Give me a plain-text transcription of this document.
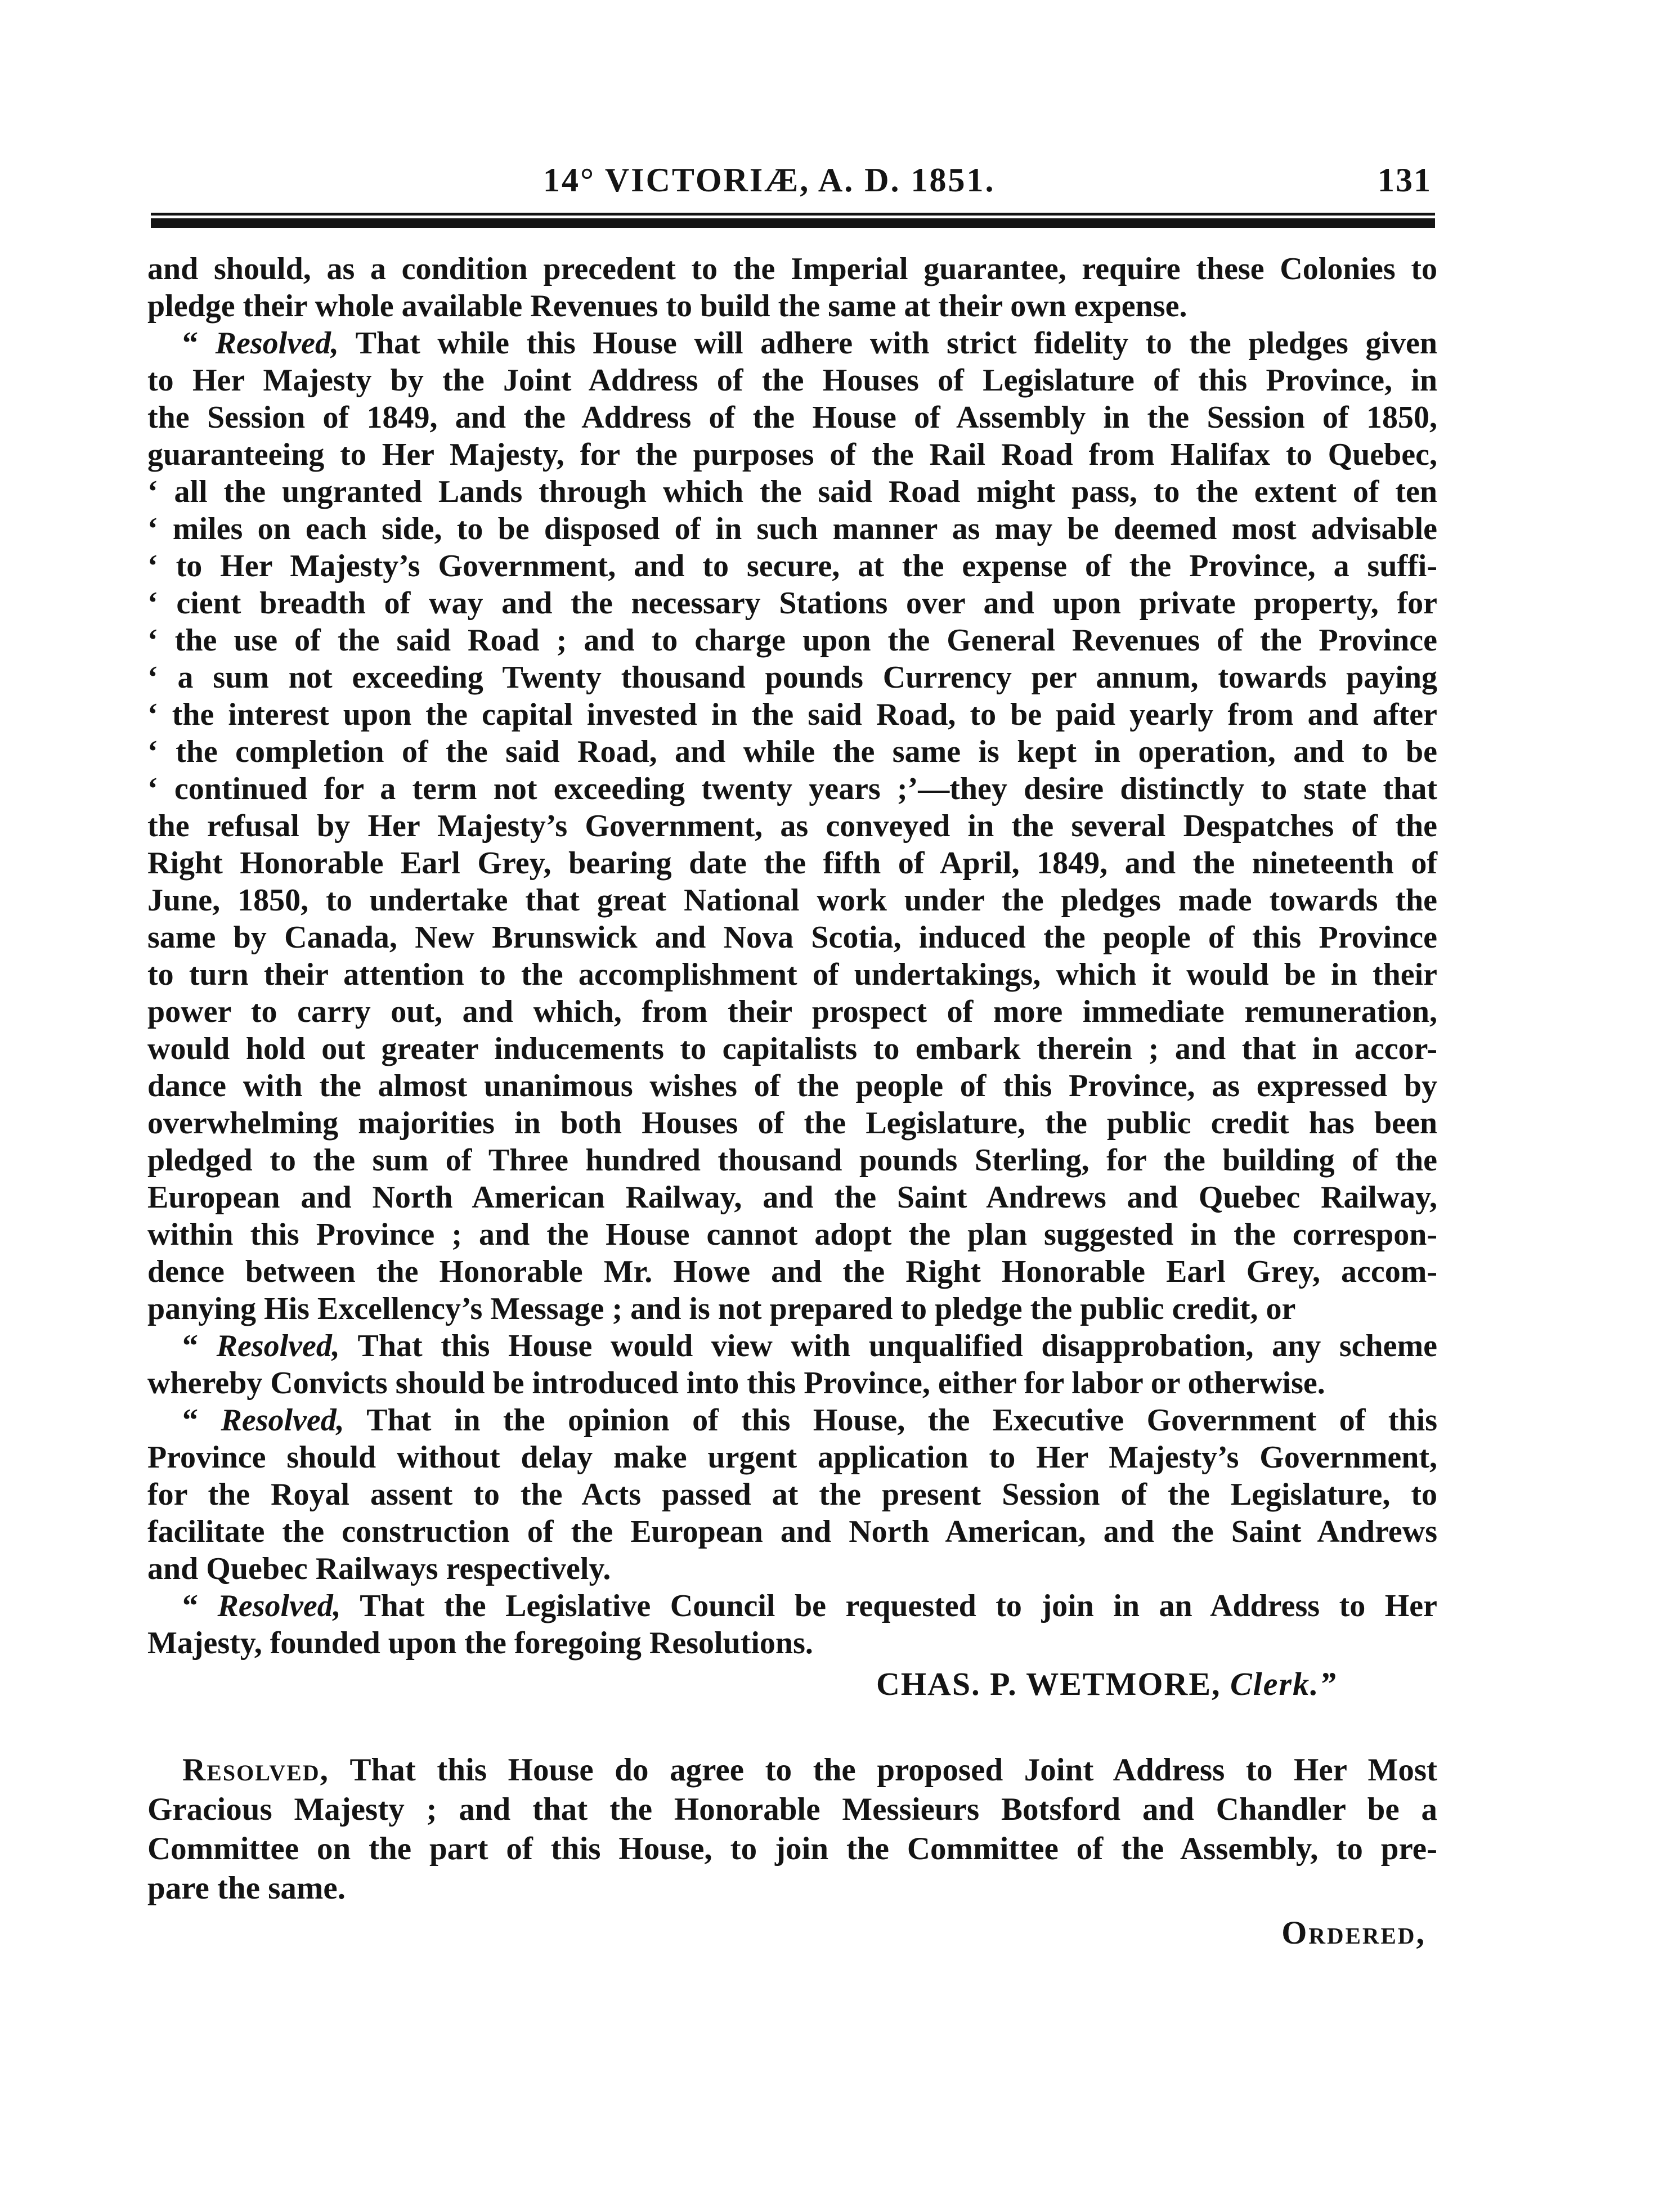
14° VICTORIÆ, A. D. 1851.	131
and should, as a condition precedent to the Imperial guarantee, require these Colonies to
pledge their whole available Revenues to build the same at their own expense.
“ Resolved, That while this House will adhere with strict fidelity to the pledges given
to Her Majesty by the Joint Address of the Houses of Legislature of this Province, in
the Session of 1849, and the Address of the House of Assembly in the Session of 1850,
guaranteeing to Her Majesty, for the purposes of the Rail Road from Halifax to Quebec,
‘ all the ungranted Lands through which the said Road might pass, to the extent of ten
‘ miles on each side, to be disposed of in such manner as may be deemed most advisable
‘ to Her Majesty’s Government, and to secure, at the expense of the Province, a suffi-
‘ cient breadth of way and the necessary Stations over and upon private property, for
‘ the use of the said Road ; and to charge upon the General Revenues of the Province
‘ a sum not exceeding Twenty thousand pounds Currency per annum, towards paying
‘ the interest upon the capital invested in the said Road, to be paid yearly from and after
‘ the completion of the said Road, and while the same is kept in operation, and to be
‘ continued for a term not exceeding twenty years ;’—they desire distinctly to state that
the refusal by Her Majesty’s Government, as conveyed in the several Despatches of the
Right Honorable Earl Grey, bearing date the fifth of April, 1849, and the nineteenth of
June, 1850, to undertake that great National work under the pledges made towards the
same by Canada, New Brunswick and Nova Scotia, induced the people of this Province
to turn their attention to the accomplishment of undertakings, which it would be in their
power to carry out, and which, from their prospect of more immediate remuneration,
would hold out greater inducements to capitalists to embark therein ; and that in accor-
dance with the almost unanimous wishes of the people of this Province, as expressed by
overwhelming majorities in both Houses of the Legislature, the public credit has been
pledged to the sum of Three hundred thousand pounds Sterling, for the building of the
European and North American Railway, and the Saint Andrews and Quebec Railway,
within this Province ; and the House cannot adopt the plan suggested in the correspon-
dence between the Honorable Mr. Howe and the Right Honorable Earl Grey, accom-
panying His Excellency’s Message ; and is not prepared to pledge the public credit, or
“ Resolved, That this House would view with unqualified disapprobation, any scheme
whereby Convicts should be introduced into this Province, either for labor or otherwise.
“ Resolved, That in the opinion of this House, the Executive Government of this
Province should without delay make urgent application to Her Majesty’s Government,
for the Royal assent to the Acts passed at the present Session of the Legislature, to
facilitate the construction of the European and North American, and the Saint Andrews
and Quebec Railways respectively.
“ Resolved, That the Legislative Council be requested to join in an Address to Her
Majesty, founded upon the foregoing Resolutions.
CHAS. P. WETMORE, Clerk.”
Resolved, That this House do agree to the proposed Joint Address to Her Most
Gracious Majesty ; and that the Honorable Messieurs Botsford and Chandler be a
Committee on the part of this House, to join the Committee of the Assembly, to pre-
pare the same.
Ordered,
